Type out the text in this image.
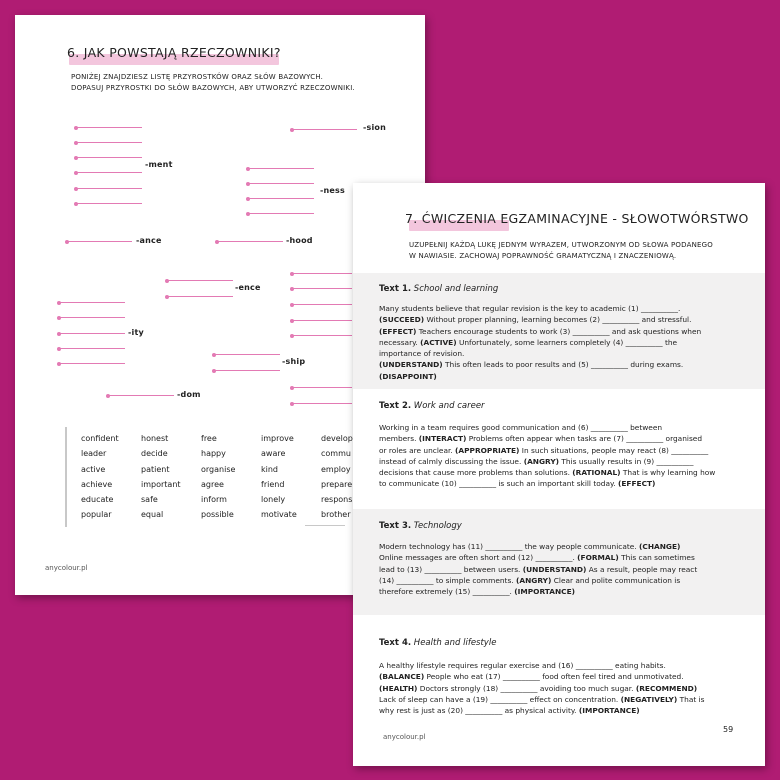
6. JAK POWSTAJĄ RZECZOWNIKI?
PONIŻEJ ZNAJDZIESZ LISTĘ PRZYROSTKÓW ORAZ SŁÓW BAZOWYCH.
DOPASUJ PRZYROSTKI DO SŁÓW BAZOWYCH, ABY UTWORZYĆ RZECZOWNIKI.
-sion
-ment
-ness
-ance	-hood
-ence
-ity
-ship
-dom
confident
leader
active
achieve
educate
popular
honest
decide
patient
important
safe
equal
free
happy
organise
agree
inform
possible
improve
aware
kind
friend
lonely
motivate
develop
commu
employ
prepare
respons
brother
anycolour.pl
7. ĆWICZENIA EGZAMINACYJNE - SŁOWOTWÓRSTWO
UZUPEŁNIJ KAŻDĄ LUKĘ JEDNYM WYRAZEM, UTWORZONYM OD SŁOWA PODANEGO
W NAWIASIE. ZACHOWAJ POPRAWNOŚĆ GRAMATYCZNĄ I ZNACZENIOWĄ.
Text 1. School and learning
Many students believe that regular revision is the key to academic (1) __________.
(SUCCEED) Without proper planning, learning becomes (2) __________ and stressful.
(EFFECT) Teachers encourage students to work (3) __________ and ask questions when
necessary. (ACTIVE) Unfortunately, some learners completely (4) __________ the
importance of revision.
(UNDERSTAND) This often leads to poor results and (5) __________ during exams.
(DISAPPOINT)
Text 2. Work and career
Working in a team requires good communication and (6) __________ between
members. (INTERACT) Problems often appear when tasks are (7) __________ organised
or roles are unclear. (APPROPRIATE) In such situations, people may react (8) __________
instead of calmly discussing the issue. (ANGRY) This usually results in (9) __________
decisions that cause more problems than solutions. (RATIONAL) That is why learning how
to communicate (10) __________ is such an important skill today. (EFFECT)
Text 3. Technology
Modern technology has (11) __________ the way people communicate. (CHANGE)
Online messages are often short and (12) __________. (FORMAL) This can sometimes
lead to (13) __________ between users. (UNDERSTAND) As a result, people may react
(14) __________ to simple comments. (ANGRY) Clear and polite communication is
therefore extremely (15) __________. (IMPORTANCE)
Text 4. Health and lifestyle
A healthy lifestyle requires regular exercise and (16) __________ eating habits.
(BALANCE) People who eat (17) __________ food often feel tired and unmotivated.
(HEALTH) Doctors strongly (18) __________ avoiding too much sugar. (RECOMMEND)
Lack of sleep can have a (19) __________ effect on concentration. (NEGATIVELY) That is
why rest is just as (20) __________ as physical activity. (IMPORTANCE)
anycolour.pl
59
